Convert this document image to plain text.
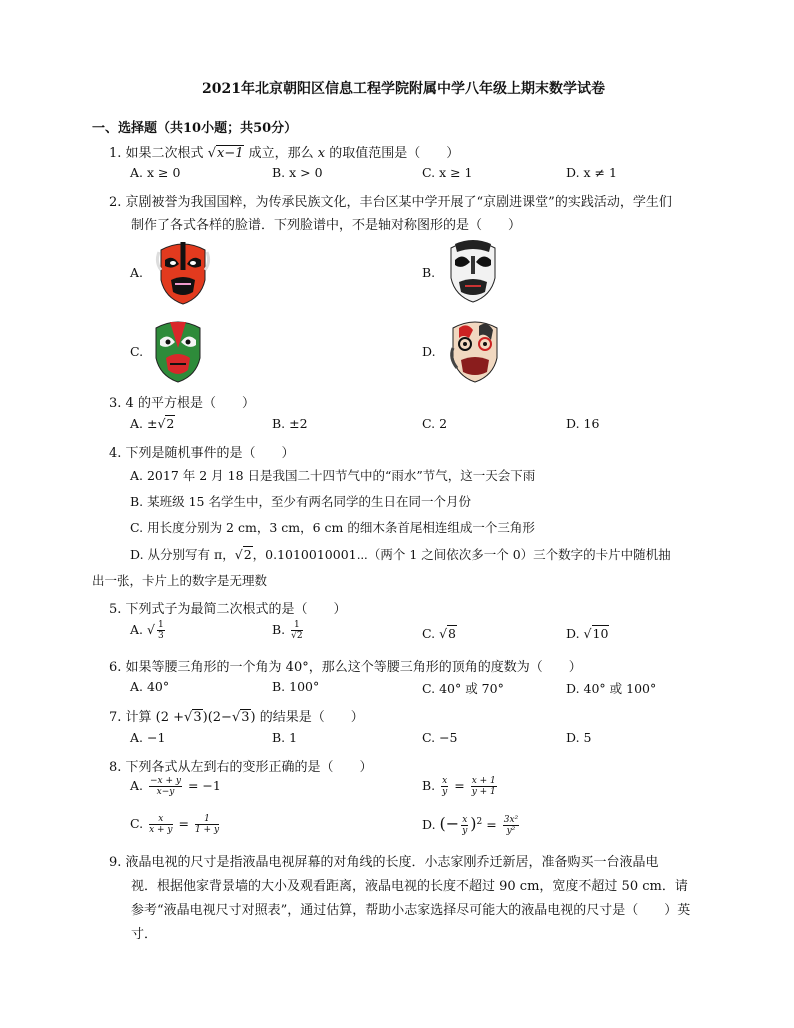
2021年北京朝阳区信息工程学院附属中学八年级上期末数学试卷
一、选择题（共10小题；共50分）
1. 如果二次根式 √x−1 成立，那么 x 的取值范围是（　　）
A. x ≥ 0	B. x > 0	C. x ≥ 1	D. x ≠ 1
2. 京剧被誉为我国国粹，为传承民族文化，丰台区某中学开展了“京剧进课堂”的实践活动，学生们
制作了各式各样的脸谱．下列脸谱中，不是轴对称图形的是（　　）
A.	B.
C.	D.
3. 4 的平方根是（　　）
A. ±√2	B. ±2	C. 2	D. 16
4. 下列是随机事件的是（　　）
A. 2017 年 2 月 18 日是我国二十四节气中的“雨水”节气，这一天会下雨
B. 某班级 15 名学生中，至少有两名同学的生日在同一个月份
C. 用长度分别为 2 cm，3 cm，6 cm 的细木条首尾相连组成一个三角形
D. 从分别写有 π，√2，0.1010010001⋯（两个 1 之间依次多一个 0）三个数字的卡片中随机抽
出一张，卡片上的数字是无理数
5. 下列式子为最简二次根式的是（　　）
A. √ $\frac{1}{3}$	B. $\frac{1}{√2}$	C. √8	D. √10
6. 如果等腰三角形的一个角为 40°，那么这个等腰三角形的顶角的度数为（　　）
A. 40°	B. 100°	C. 40° 或 70°	D. 40° 或 100°
7. 计算 (2 +√3)(2−√3) 的结果是（　　）
A. −1	B. 1	C. −5	D. 5
8. 下列各式从左到右的变形正确的是（　　）
A. $\frac{-x + y}{x-y} = -1$	B. $\frac{x}{y} = \frac{x + 1}{y + 1}$
C. $\frac{x}{x + y} = \frac{1}{1 + y}$	D. (− $\frac{x}{y} )^2 = \frac{\text{3x²}}{\text{y²}}$
9. 液晶电视的尺寸是指液晶电视屏幕的对角线的长度．小志家刚乔迁新居，准备购买一台液晶电
视．根据他家背景墙的大小及观看距离，液晶电视的长度不超过 90 cm，宽度不超过 50 cm．请
参考“液晶电视尺寸对照表”，通过估算，帮助小志家选择尽可能大的液晶电视的尺寸是（　　）英
寸．
